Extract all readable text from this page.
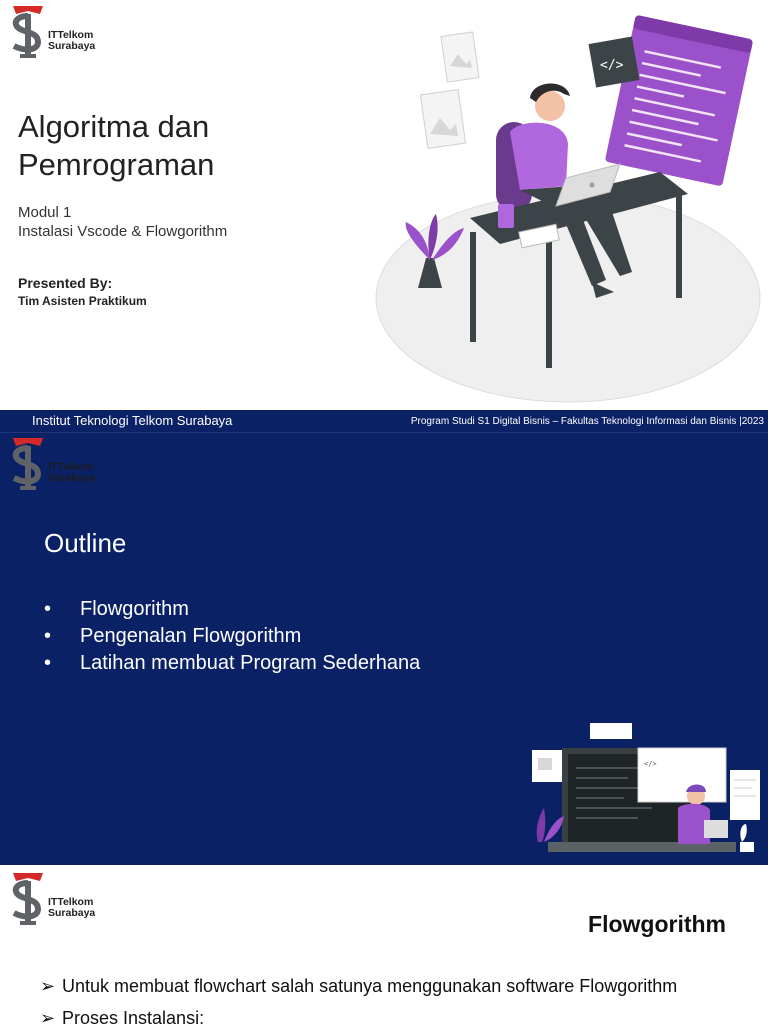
ITTelkom
Surabaya
Algoritma dan
Pemrograman
Modul 1
Instalasi Vscode & Flowgorithm
Presented By:
Tim Asisten Praktikum
</>
Institut Teknologi Telkom Surabaya	Program Studi S1 Digital Bisnis – Fakultas Teknologi Informasi dan Bisnis |2023
ITTelkom
Surabaya
Outline
• Flowgorithm
• Pengenalan Flowgorithm
• Latihan membuat Program Sederhana
</>
ITTelkom
Surabaya	Flowgorithm
➢ Untuk membuat flowchart salah satunya menggunakan software Flowgorithm
➢ Proses Instalansi:
